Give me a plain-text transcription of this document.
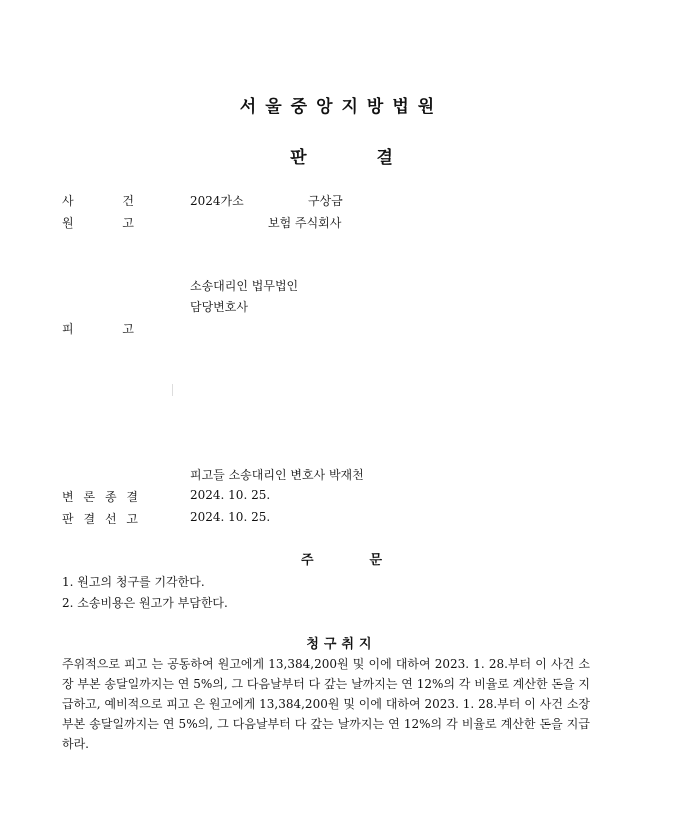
서울중앙지방법원
판	결
사	건	2024가소	구상금
원	고	보험 주식회사
소송대리인 법무법인
담당변호사
피	고
피고들 소송대리인 변호사 박재천
변 론 종 결	2024. 10. 25.
판 결 선 고	2024. 10. 25.
주	문
1. 원고의 청구를 기각한다.
2. 소송비용은 원고가 부담한다.
청구취지
주위적으로 피고 는 공동하여 원고에게 13,384,200원 및 이에 대하여 2023. 1. 28.부터 이 사건 소장 부본 송달일까지는 연 5%의, 그 다음날부터 다 갚는 날까지는 연 12%의 각 비율로 계산한 돈을 지급하고, 예비적으로 피고 은 원고에게 13,384,200원 및 이에 대하여 2023. 1. 28.부터 이 사건 소장 부본 송달일까지는 연 5%의, 그 다음날부터 다 갚는 날까지는 연 12%의 각 비율로 계산한 돈을 지급하라.
